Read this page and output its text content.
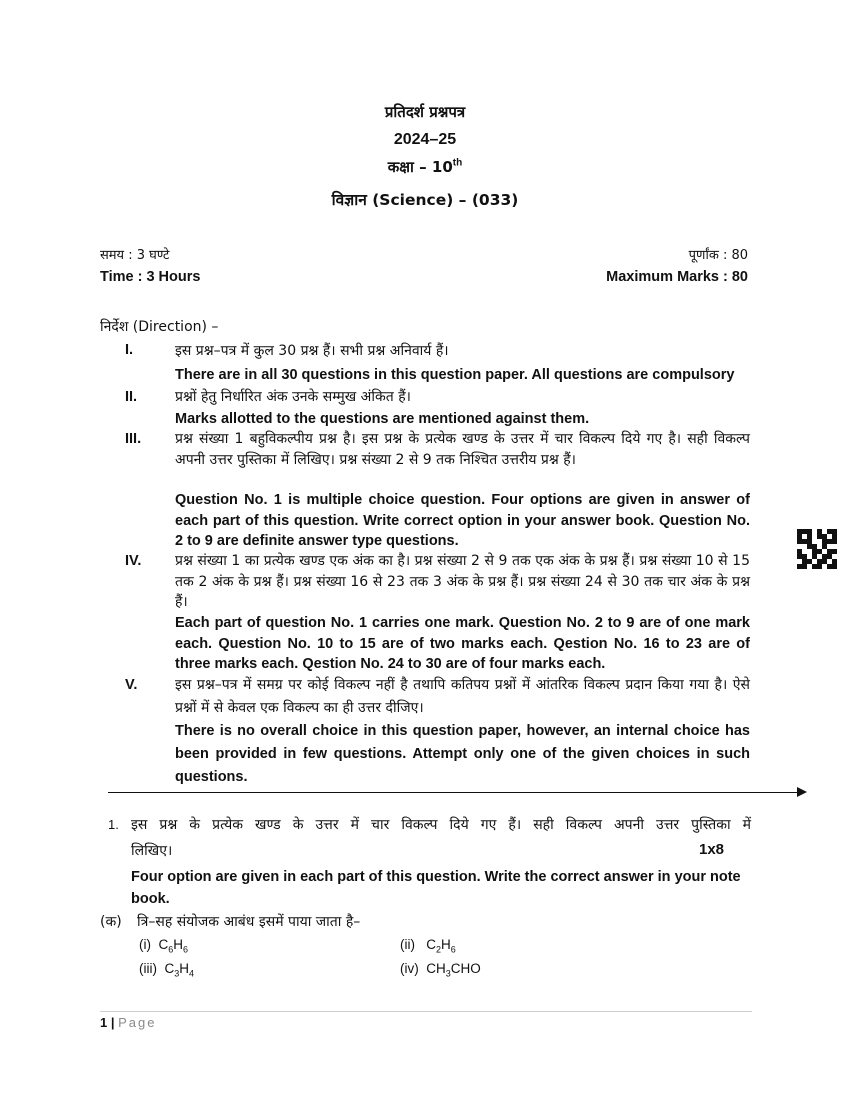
प्रतिदर्श प्रश्नपत्र
2024–25
कक्षा – 10th
विज्ञान (Science) – (033)
समय : 3 घण्टे	पूर्णांक : 80
Time : 3 Hours	Maximum Marks : 80
निर्देश (Direction) –
I.	इस प्रश्न–पत्र में कुल 30 प्रश्न हैं। सभी प्रश्न अनिवार्य हैं।
There are in all 30 questions in this question paper. All questions are compulsory
II.	प्रश्नों हेतु निर्धारित अंक उनके सम्मुख अंकित हैं।
Marks allotted to the questions are mentioned against them.
III. प्रश्न संख्या 1 बहुविकल्पीय प्रश्न है। इस प्रश्न के प्रत्येक खण्ड के उत्तर में चार विकल्प दिये गए है। सही विकल्प अपनी उत्तर पुस्तिका में लिखिए। प्रश्न संख्या 2 से 9 तक निश्चित उत्तरीय प्रश्न हैं।
Question No. 1 is multiple choice question. Four options are given in answer of each part of this question. Write correct option in your answer book. Question No. 2 to 9 are definite answer type questions.
IV. प्रश्न संख्या 1 का प्रत्येक खण्ड एक अंक का है। प्रश्न संख्या 2 से 9 तक एक अंक के प्रश्न हैं। प्रश्न संख्या 10 से 15 तक 2 अंक के प्रश्न हैं। प्रश्न संख्या 16 से 23 तक 3 अंक के प्रश्न हैं। प्रश्न संख्या 24 से 30 तक चार अंक के प्रश्न हैं।
Each part of question No. 1 carries one mark. Question No. 2 to 9 are of one mark each. Question No. 10 to 15 are of two marks each. Qestion No. 16 to 23 are of three marks each. Qestion No. 24 to 30 are of four marks each.
V.	इस प्रश्न–पत्र में समग्र पर कोई विकल्प नहीं है तथापि कतिपय प्रश्नों में आंतरिक विकल्प प्रदान किया गया है। ऐसे प्रश्नों में से केवल एक विकल्प का ही उत्तर दीजिए।
There is no overall choice in this question paper, however, an internal choice has been provided in few questions. Attempt only one of the given choices in such questions.
1. इस प्रश्न के प्रत्येक खण्ड के उत्तर में चार विकल्प दिये गए हैं। सही विकल्प अपनी उत्तर पुस्तिका में
लिखिए।	1x8
Four option are given in each part of this question. Write the correct answer in your note book.
(क) त्रि–सह संयोजक आबंध इसमें पाया जाता है–
(i) $C_6H_6$	(ii) $C_2H_6$
(iii) $C_3H_4$	(iv) $CH_3CHO$
1 | Page
